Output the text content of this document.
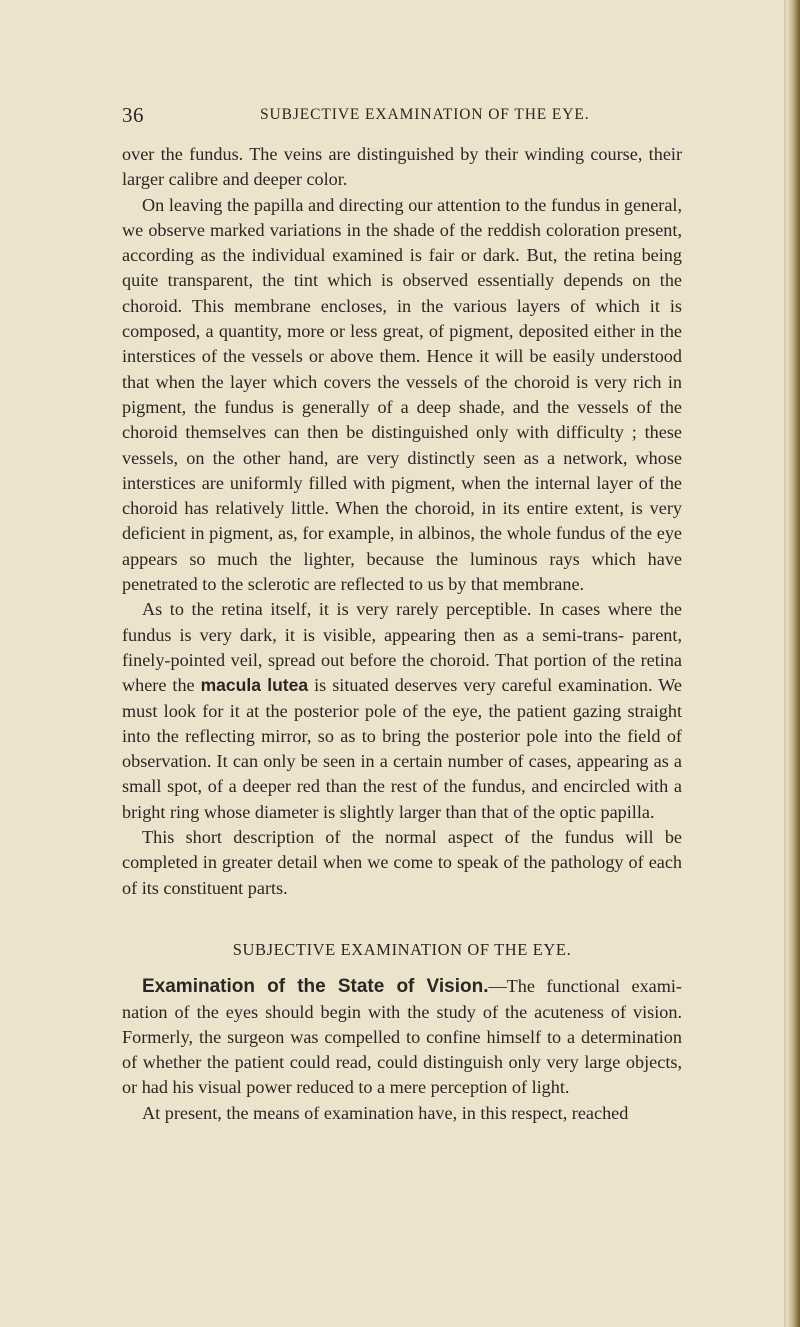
36	SUBJECTIVE EXAMINATION OF THE EYE.

over the fundus. The veins are distinguished by their winding course, their larger calibre and deeper color.

On leaving the papilla and directing our attention to the fundus in general, we observe marked variations in the shade of the reddish coloration present, according as the individual examined is fair or dark. But, the retina being quite transparent, the tint which is observed essentially depends on the choroid. This membrane encloses, in the various layers of which it is composed, a quantity, more or less great, of pigment, deposited either in the interstices of the vessels or above them. Hence it will be easily understood that when the layer which covers the vessels of the choroid is very rich in pigment, the fundus is generally of a deep shade, and the vessels of the choroid themselves can then be distinguished only with difficulty ; these vessels, on the other hand, are very distinctly seen as a network, whose interstices are uniformly filled with pigment, when the internal layer of the choroid has relatively little. When the choroid, in its entire extent, is very deficient in pigment, as, for example, in albinos, the whole fundus of the eye appears so much the lighter, because the luminous rays which have penetrated to the sclerotic are reflected to us by that membrane.

As to the retina itself, it is very rarely perceptible. In cases where the fundus is very dark, it is visible, appearing then as a semi-trans- parent, finely-pointed veil, spread out before the choroid. That portion of the retina where the macula lutea is situated deserves very careful examination. We must look for it at the posterior pole of the eye, the patient gazing straight into the reflecting mirror, so as to bring the posterior pole into the field of observation. It can only be seen in a certain number of cases, appearing as a small spot, of a deeper red than the rest of the fundus, and encircled with a bright ring whose diameter is slightly larger than that of the optic papilla.

This short description of the normal aspect of the fundus will be completed in greater detail when we come to speak of the pathology of each of its constituent parts.

SUBJECTIVE EXAMINATION OF THE EYE.

Examination of the State of Vision.—The functional exami- nation of the eyes should begin with the study of the acuteness of vision. Formerly, the surgeon was compelled to confine himself to a determination of whether the patient could read, could distinguish only very large objects, or had his visual power reduced to a mere perception of light.

At present, the means of examination have, in this respect, reached
